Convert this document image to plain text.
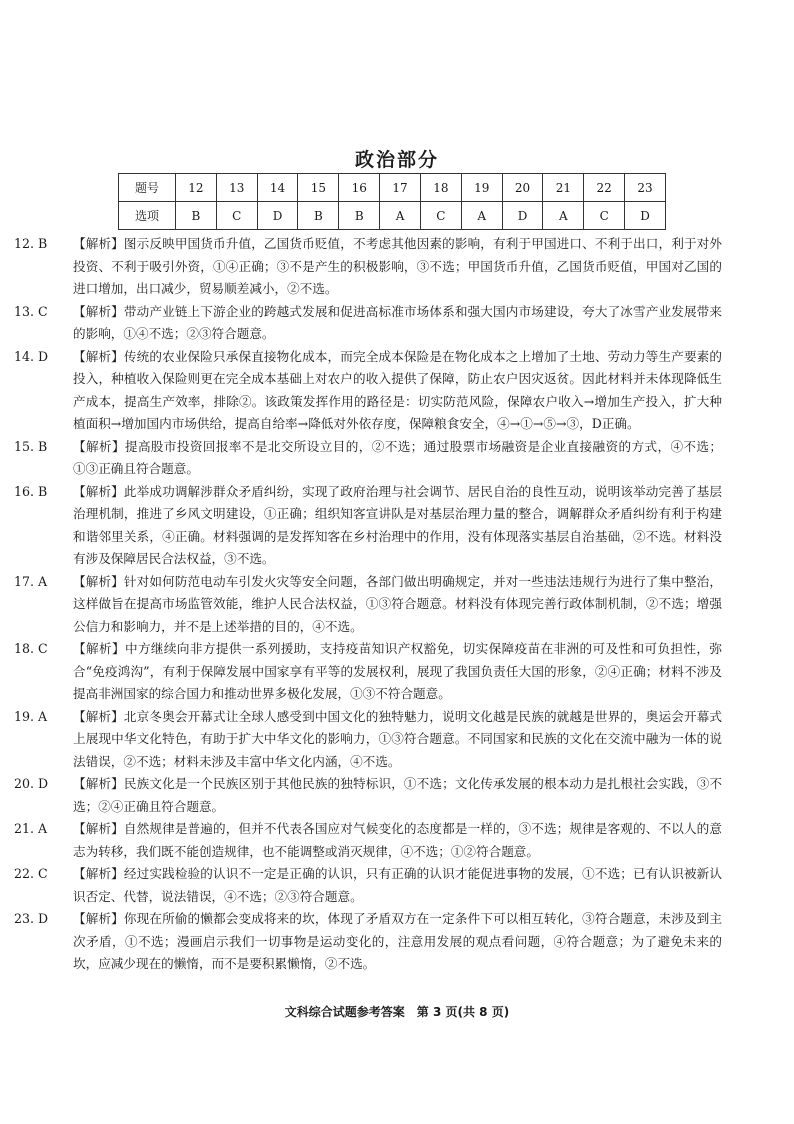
政治部分
题号	12	13	14	15	16	17	18	19	20	21	22	23
选项	B	C	D	B	B	A	C	A	D	A	C	D
12. B	【解析】图示反映甲国货币升值，乙国货币贬值，不考虑其他因素的影响，有利于甲国进口、不利于出口，利于对外投资、不利于吸引外资，①④正确；③不是产生的积极影响，③不选；甲国货币升值，乙国货币贬值，甲国对乙国的进口增加，出口减少，贸易顺差减小，②不选。
13. C	【解析】带动产业链上下游企业的跨越式发展和促进高标准市场体系和强大国内市场建设，夸大了冰雪产业发展带来的影响，①④不选；②③符合题意。
14. D	【解析】传统的农业保险只承保直接物化成本，而完全成本保险是在物化成本之上增加了土地、劳动力等生产要素的投入，种植收入保险则更在完全成本基础上对农户的收入提供了保障，防止农户因灾返贫。因此材料并未体现降低生产成本，提高生产效率，排除②。该政策发挥作用的路径是：切实防范风险，保障农户收入→增加生产投入，扩大种植面积→增加国内市场供给，提高自给率→降低对外依存度，保障粮食安全，④→①→⑤→③，D正确。
15. B	【解析】提高股市投资回报率不是北交所设立目的，②不选；通过股票市场融资是企业直接融资的方式，④不选；①③正确且符合题意。
16. B	【解析】此举成功调解涉群众矛盾纠纷，实现了政府治理与社会调节、居民自治的良性互动，说明该举动完善了基层治理机制，推进了乡风文明建设，①正确；组织知客宣讲队是对基层治理力量的整合，调解群众矛盾纠纷有利于构建和谐邻里关系，④正确。材料强调的是发挥知客在乡村治理中的作用，没有体现落实基层自治基础，②不选。材料没有涉及保障居民合法权益，③不选。
17. A	【解析】针对如何防范电动车引发火灾等安全问题，各部门做出明确规定，并对一些违法违规行为进行了集中整治，这样做旨在提高市场监管效能，维护人民合法权益，①③符合题意。材料没有体现完善行政体制机制，②不选；增强公信力和影响力，并不是上述举措的目的，④不选。
18. C	【解析】中方继续向非方提供一系列援助，支持疫苗知识产权豁免，切实保障疫苗在非洲的可及性和可负担性，弥合“免疫鸿沟”，有利于保障发展中国家享有平等的发展权利，展现了我国负责任大国的形象，②④正确；材料不涉及提高非洲国家的综合国力和推动世界多极化发展，①③不符合题意。
19. A	【解析】北京冬奥会开幕式让全球人感受到中国文化的独特魅力，说明文化越是民族的就越是世界的，奥运会开幕式上展现中华文化特色，有助于扩大中华文化的影响力，①③符合题意。不同国家和民族的文化在交流中融为一体的说法错误，②不选；材料未涉及丰富中华文化内涵，④不选。
20. D	【解析】民族文化是一个民族区别于其他民族的独特标识，①不选；文化传承发展的根本动力是扎根社会实践，③不选；②④正确且符合题意。
21. A	【解析】自然规律是普遍的，但并不代表各国应对气候变化的态度都是一样的，③不选；规律是客观的、不以人的意志为转移，我们既不能创造规律，也不能调整或消灭规律，④不选；①②符合题意。
22. C	【解析】经过实践检验的认识不一定是正确的认识，只有正确的认识才能促进事物的发展，①不选；已有认识被新认识否定、代替，说法错误，④不选；②③符合题意。
23. D	【解析】你现在所偷的懒都会变成将来的坎，体现了矛盾双方在一定条件下可以相互转化，③符合题意，未涉及到主次矛盾，①不选；漫画启示我们一切事物是运动变化的，注意用发展的观点看问题，④符合题意；为了避免未来的坎，应减少现在的懒惰，而不是要积累懒惰，②不选。
文科综合试题参考答案　第 3 页(共 8 页)
